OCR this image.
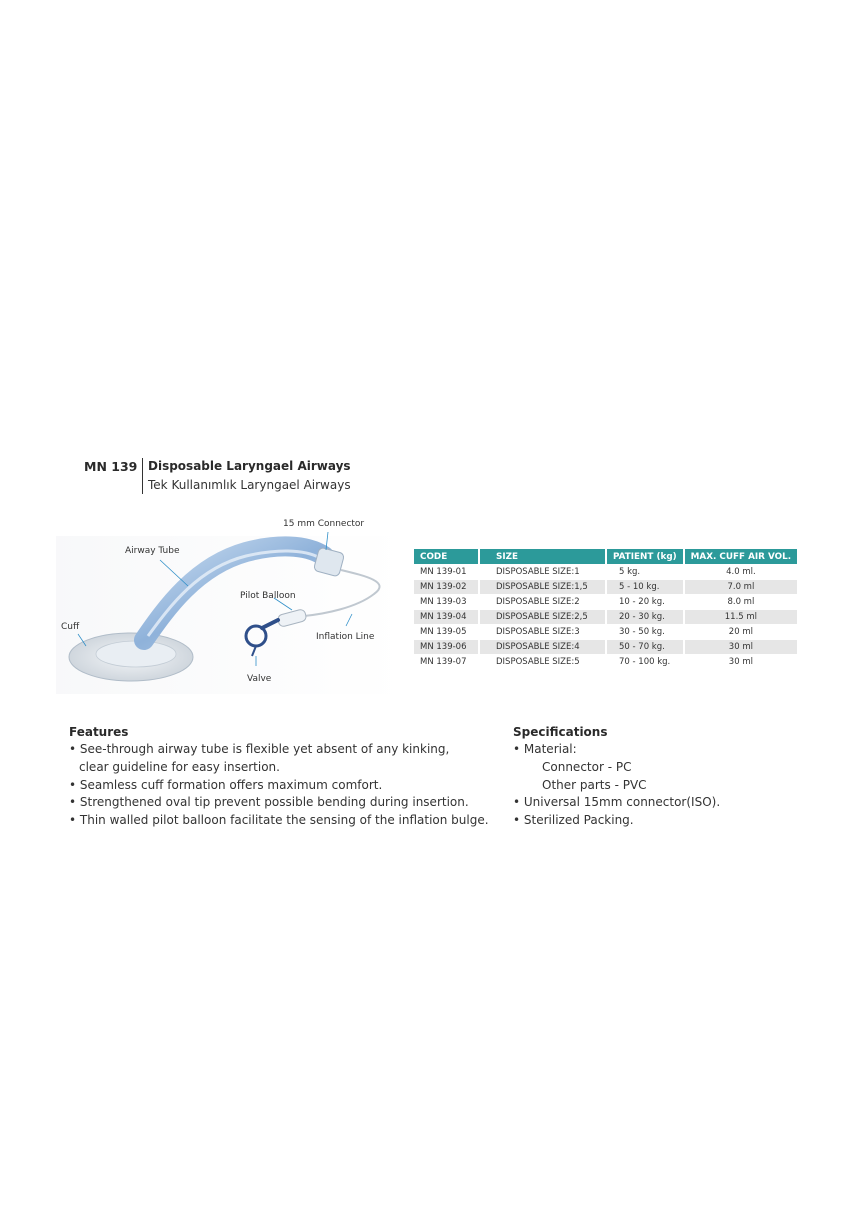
MN 139 Disposable Laryngael Airways
Tek Kullanımlık Laryngael Airways
15 mm Connector
Airway Tube
Pilot Balloon
Cuff
Inflation Line
Valve
CODE	SIZE	PATIENT (kg)	MAX. CUFF AIR VOL.
MN 139-01	DISPOSABLE SIZE:1	5 kg.	4.0 ml.
MN 139-02	DISPOSABLE SIZE:1,5	5 - 10 kg.	7.0 ml
MN 139-03	DISPOSABLE SIZE:2	10 - 20 kg.	8.0 ml
MN 139-04	DISPOSABLE SIZE:2,5	20 - 30 kg.	11.5 ml
MN 139-05	DISPOSABLE SIZE:3	30 - 50 kg.	20 ml
MN 139-06	DISPOSABLE SIZE:4	50 - 70 kg.	30 ml
MN 139-07	DISPOSABLE SIZE:5	70 - 100 kg.	30 ml
Features
• See-through airway tube is flexible yet absent of any kinking,
clear guideline for easy insertion.
• Seamless cuff formation offers maximum comfort.
• Strengthened oval tip prevent possible bending during insertion.
• Thin walled pilot balloon facilitate the sensing of the inflation bulge.
Specifications
• Material:
Connector - PC
Other parts - PVC
• Universal 15mm connector(ISO).
• Sterilized Packing.
